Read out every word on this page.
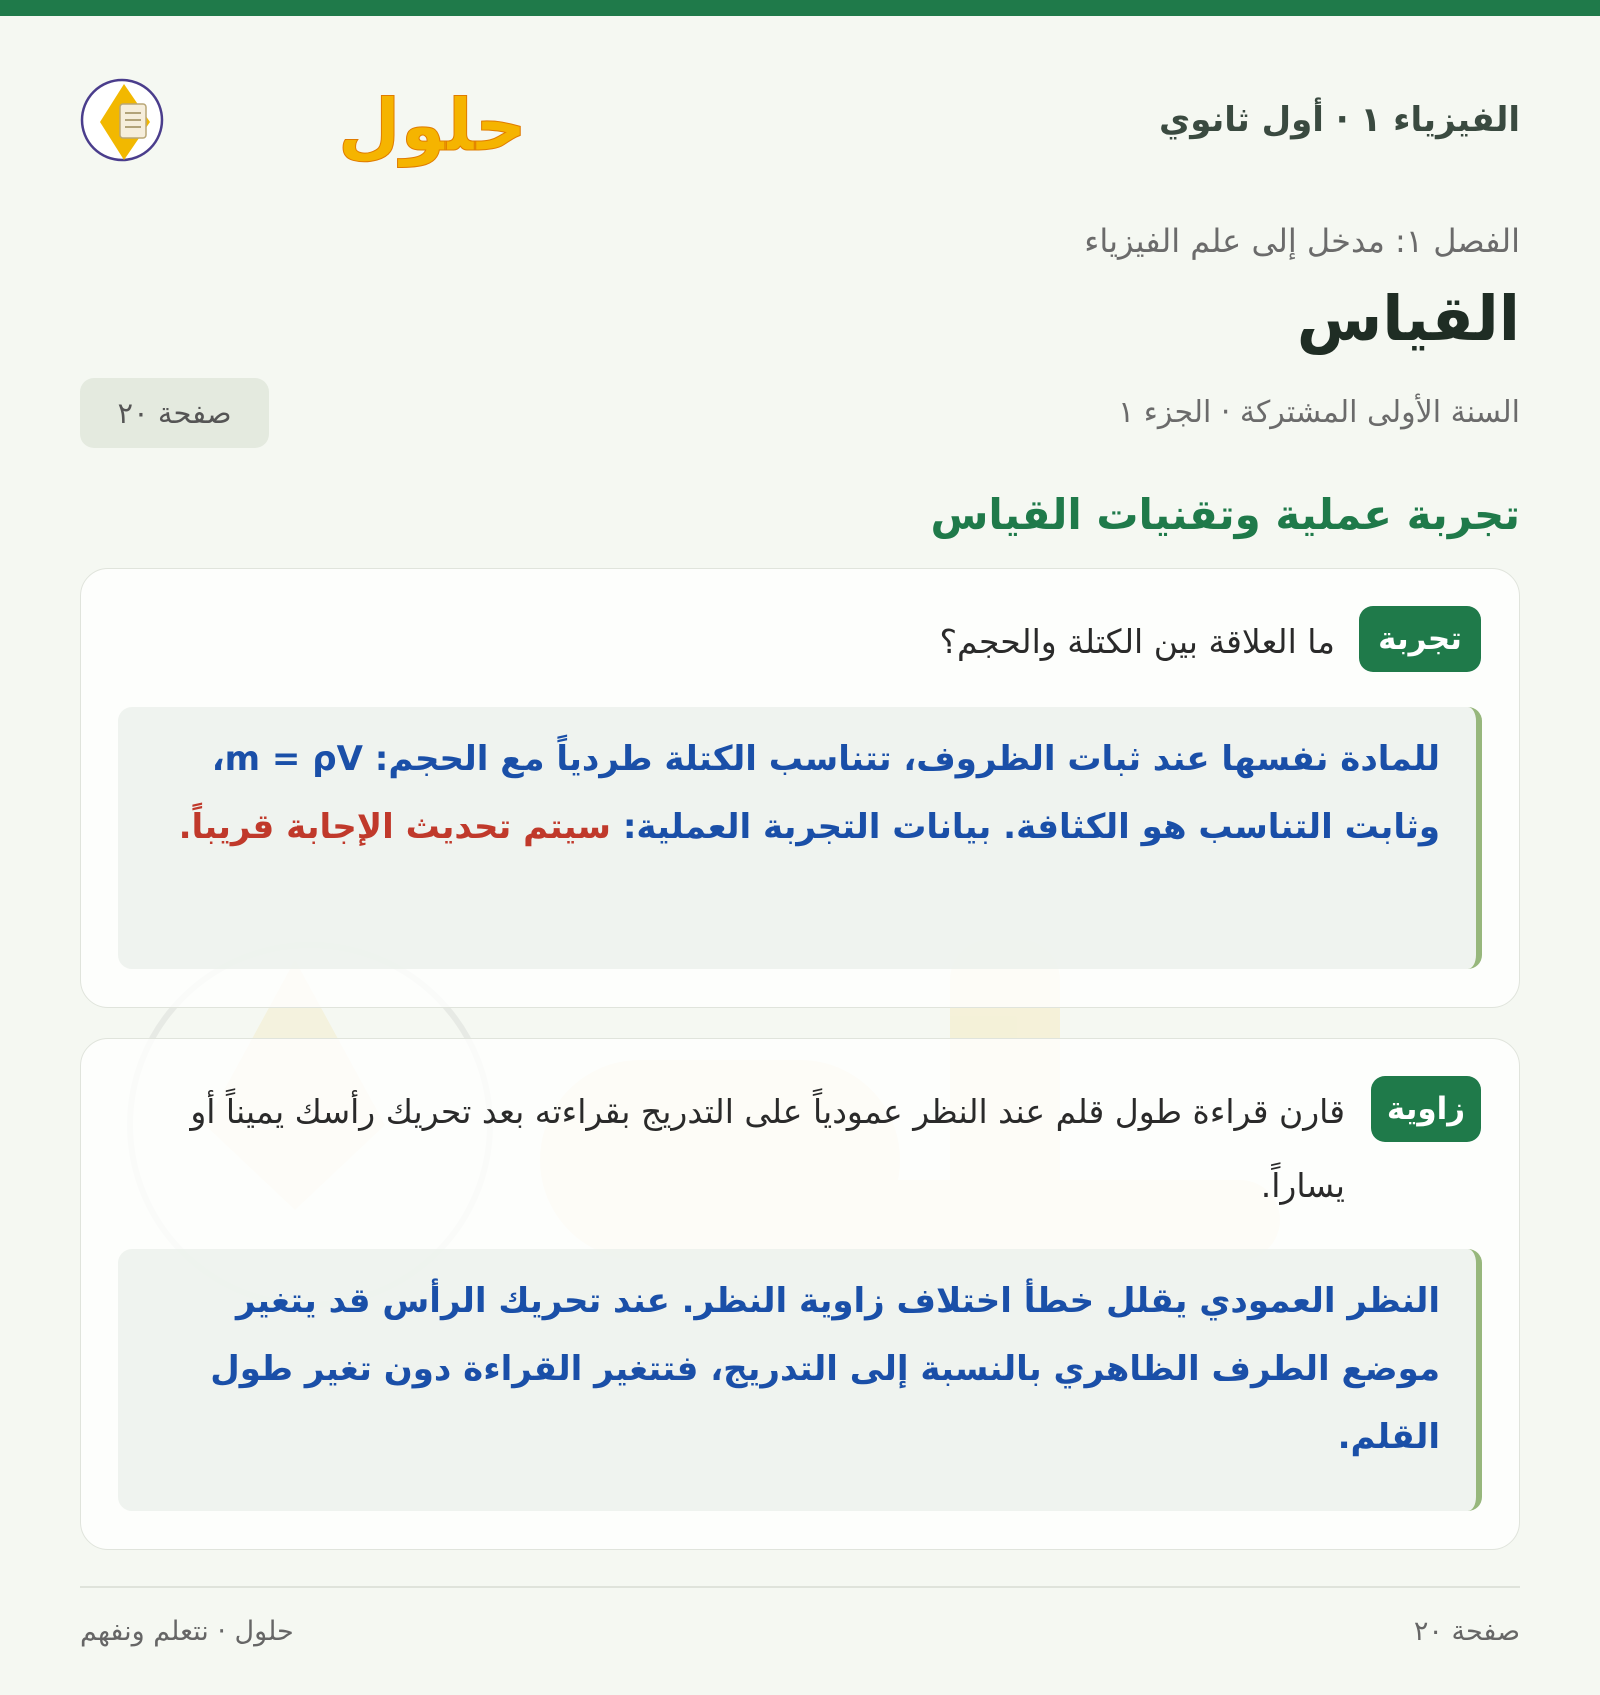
الفيزياء ١ · أول ثانوي
حلول
الفصل ١: مدخل إلى علم الفيزياء
القياس
السنة الأولى المشتركة · الجزء ١
صفحة ٢٠
تجربة عملية وتقنيات القياس
تجربة
ما العلاقة بين الكتلة والحجم؟
للمادة نفسها عند ثبات الظروف، تتناسب الكتلة طردياً مع الحجم: m = ρV، وثابت التناسب هو الكثافة. بيانات التجربة العملية: سيتم تحديث الإجابة قريباً.
زاوية
قارن قراءة طول قلم عند النظر عمودياً على التدريج بقراءته بعد تحريك رأسك يميناً أو يساراً.
النظر العمودي يقلل خطأ اختلاف زاوية النظر. عند تحريك الرأس قد يتغير موضع الطرف الظاهري بالنسبة إلى التدريج، فتتغير القراءة دون تغير طول القلم.
صفحة ٢٠
حلول · نتعلم ونفهم
